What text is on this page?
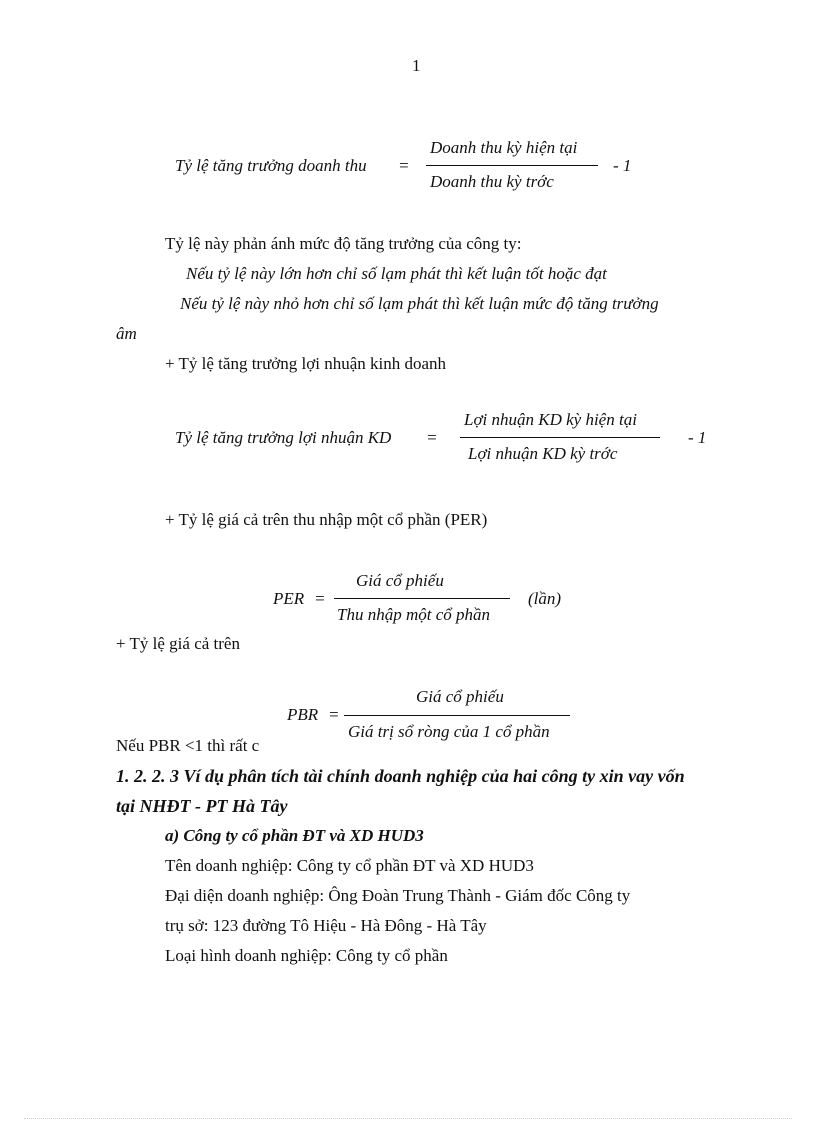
1
Tỷ lệ tăng trưởng doanh thu =
Doanh thu kỳ hiện tại
Doanh thu kỳ trớc
- 1
Tỷ lệ này phản ánh mức độ tăng trưởng của công ty:
Nếu tỷ lệ này lớn hơn chỉ số lạm phát thì kết luận tốt hoặc đạt
Nếu tỷ lệ này nhỏ hơn chỉ số lạm phát thì kết luận mức độ tăng trưởng
âm
+ Tỷ lệ tăng trưởng lợi nhuận kinh doanh
Tỷ lệ tăng trưởng lợi nhuận KD =
Lợi nhuận KD kỳ hiện tại
Lợi nhuận KD kỳ trớc
- 1
+ Tỷ lệ giá cả trên thu nhập một cổ phần (PER)
PER =
Giá cổ phiếu
Thu nhập một cổ phần
(lần)
+ Tỷ lệ giá cả trên
PBR =
Giá cổ phiếu
Giá trị sổ ròng của 1 cổ phần
Nếu PBR <1 thì rất c
1. 2. 2. 3 Ví dụ phân tích tài chính doanh nghiệp của hai công ty xin vay vốn
tại NHĐT - PT Hà Tây
a) Công ty cổ phần ĐT và XD HUD3
Tên doanh nghiệp: Công ty cổ phần ĐT và XD HUD3
Đại diện doanh nghiệp: Ông Đoàn Trung Thành - Giám đốc Công ty
trụ sở: 123 đường Tô Hiệu - Hà Đông - Hà Tây
Loại hình doanh nghiệp: Công ty cổ phần
